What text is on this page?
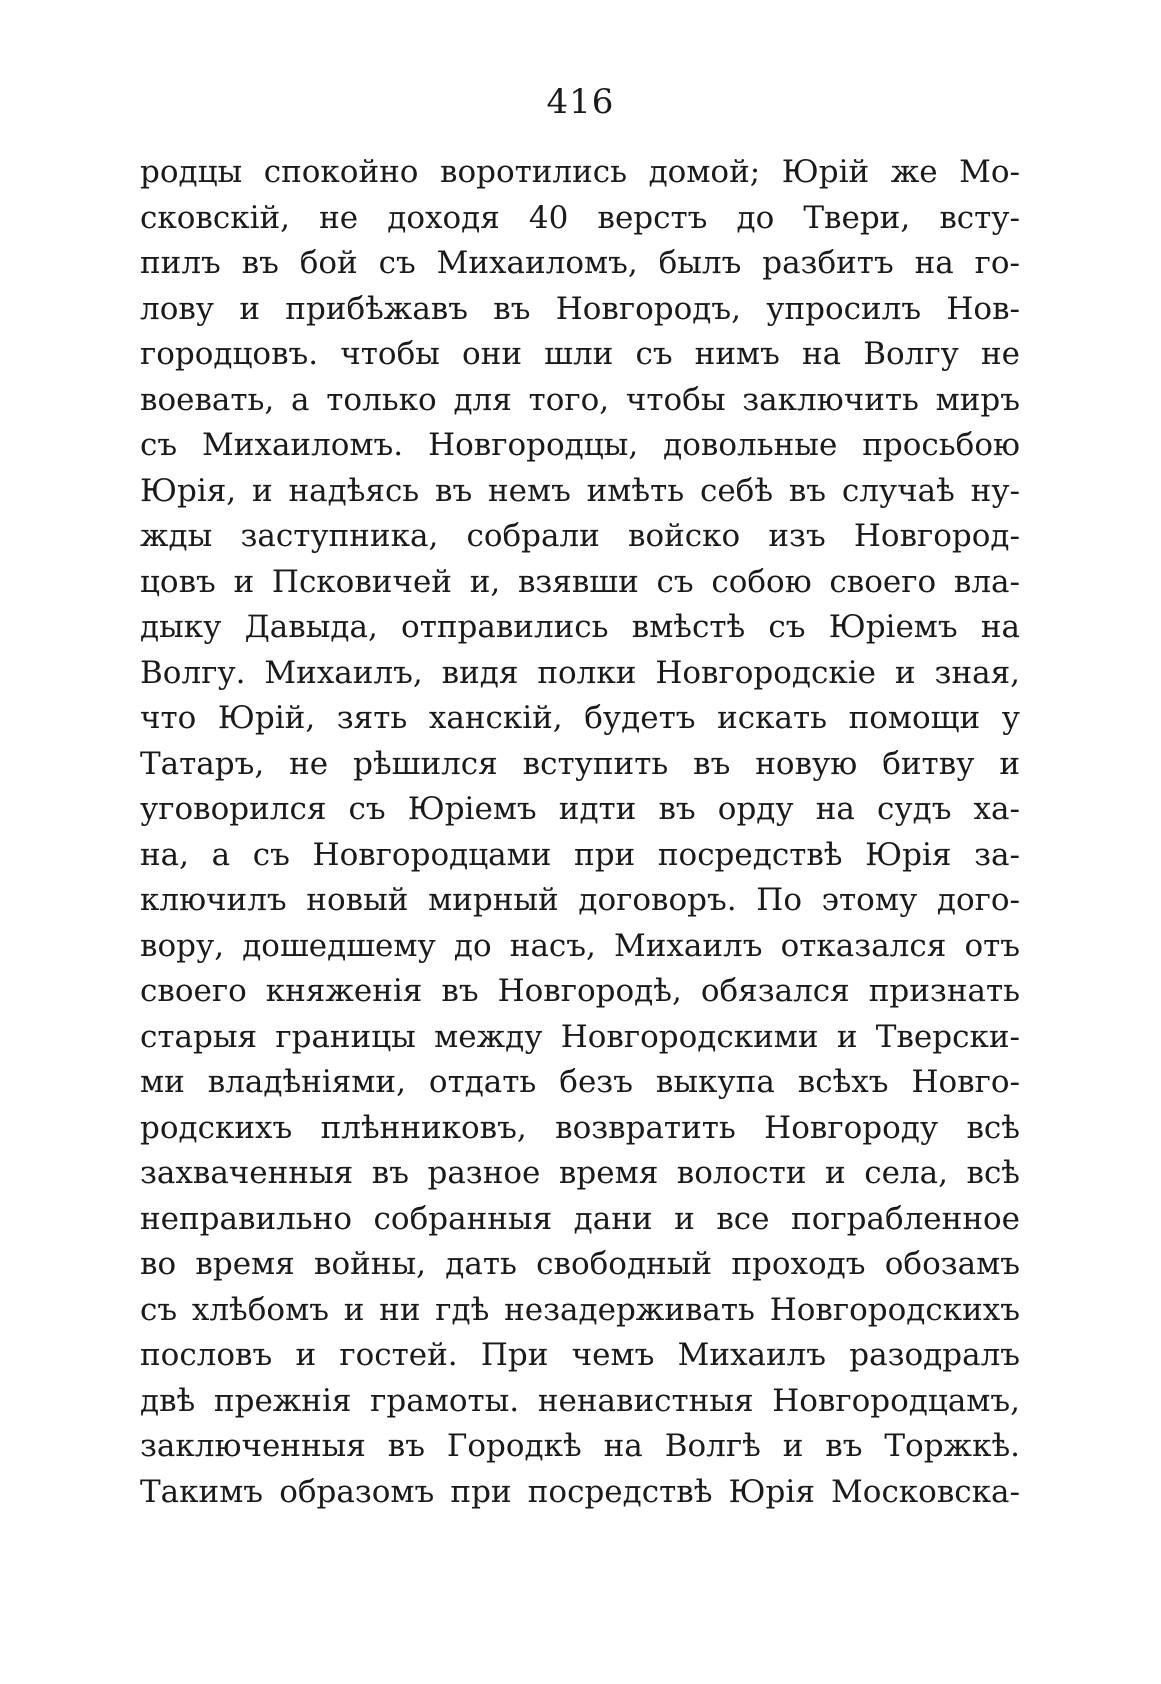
416
родцы спокойно воротились домой; Юрій же Мо-
сковскій, не доходя 40 верстъ до Твери, всту-
пилъ въ бой съ Михаиломъ, былъ разбитъ на го-
лову и прибѣжавъ въ Новгородъ, упросилъ Нов-
городцовъ. чтобы они шли съ нимъ на Волгу не
воевать, а только для того, чтобы заключить миръ
съ Михаиломъ. Новгородцы, довольные просьбою
Юрія, и надѣясь въ немъ имѣть себѣ въ случаѣ ну-
жды заступника, собрали войско изъ Новгород-
цовъ и Псковичей и, взявши съ собою своего вла-
дыку Давыда, отправились вмѣстѣ съ Юріемъ на
Волгу. Михаилъ, видя полки Новгородскіе и зная,
что Юрій, зять ханскій, будетъ искать помощи у
Татаръ, не рѣшился вступить въ новую битву и
уговорился съ Юріемъ идти въ орду на судъ ха-
на, а съ Новгородцами при посредствѣ Юрія за-
ключилъ новый мирный договоръ. По этому дого-
вору, дошедшему до насъ, Михаилъ отказался отъ
своего княженія въ Новгородѣ, обязался признать
старыя границы между Новгородскими и Тверски-
ми владѣніями, отдать безъ выкупа всѣхъ Новго-
родскихъ плѣнниковъ, возвратить Новгороду всѣ
захваченныя въ разное время волости и села, всѣ
неправильно собранныя дани и все пограбленное
во время войны, дать свободный проходъ обозамъ
съ хлѣбомъ и ни гдѣ незадерживать Новгородскихъ
пословъ и гостей. При чемъ Михаилъ разодралъ
двѣ прежнія грамоты. ненавистныя Новгородцамъ,
заключенныя въ Городкѣ на Волгѣ и въ Торжкѣ.
Такимъ образомъ при посредствѣ Юрія Московска-
